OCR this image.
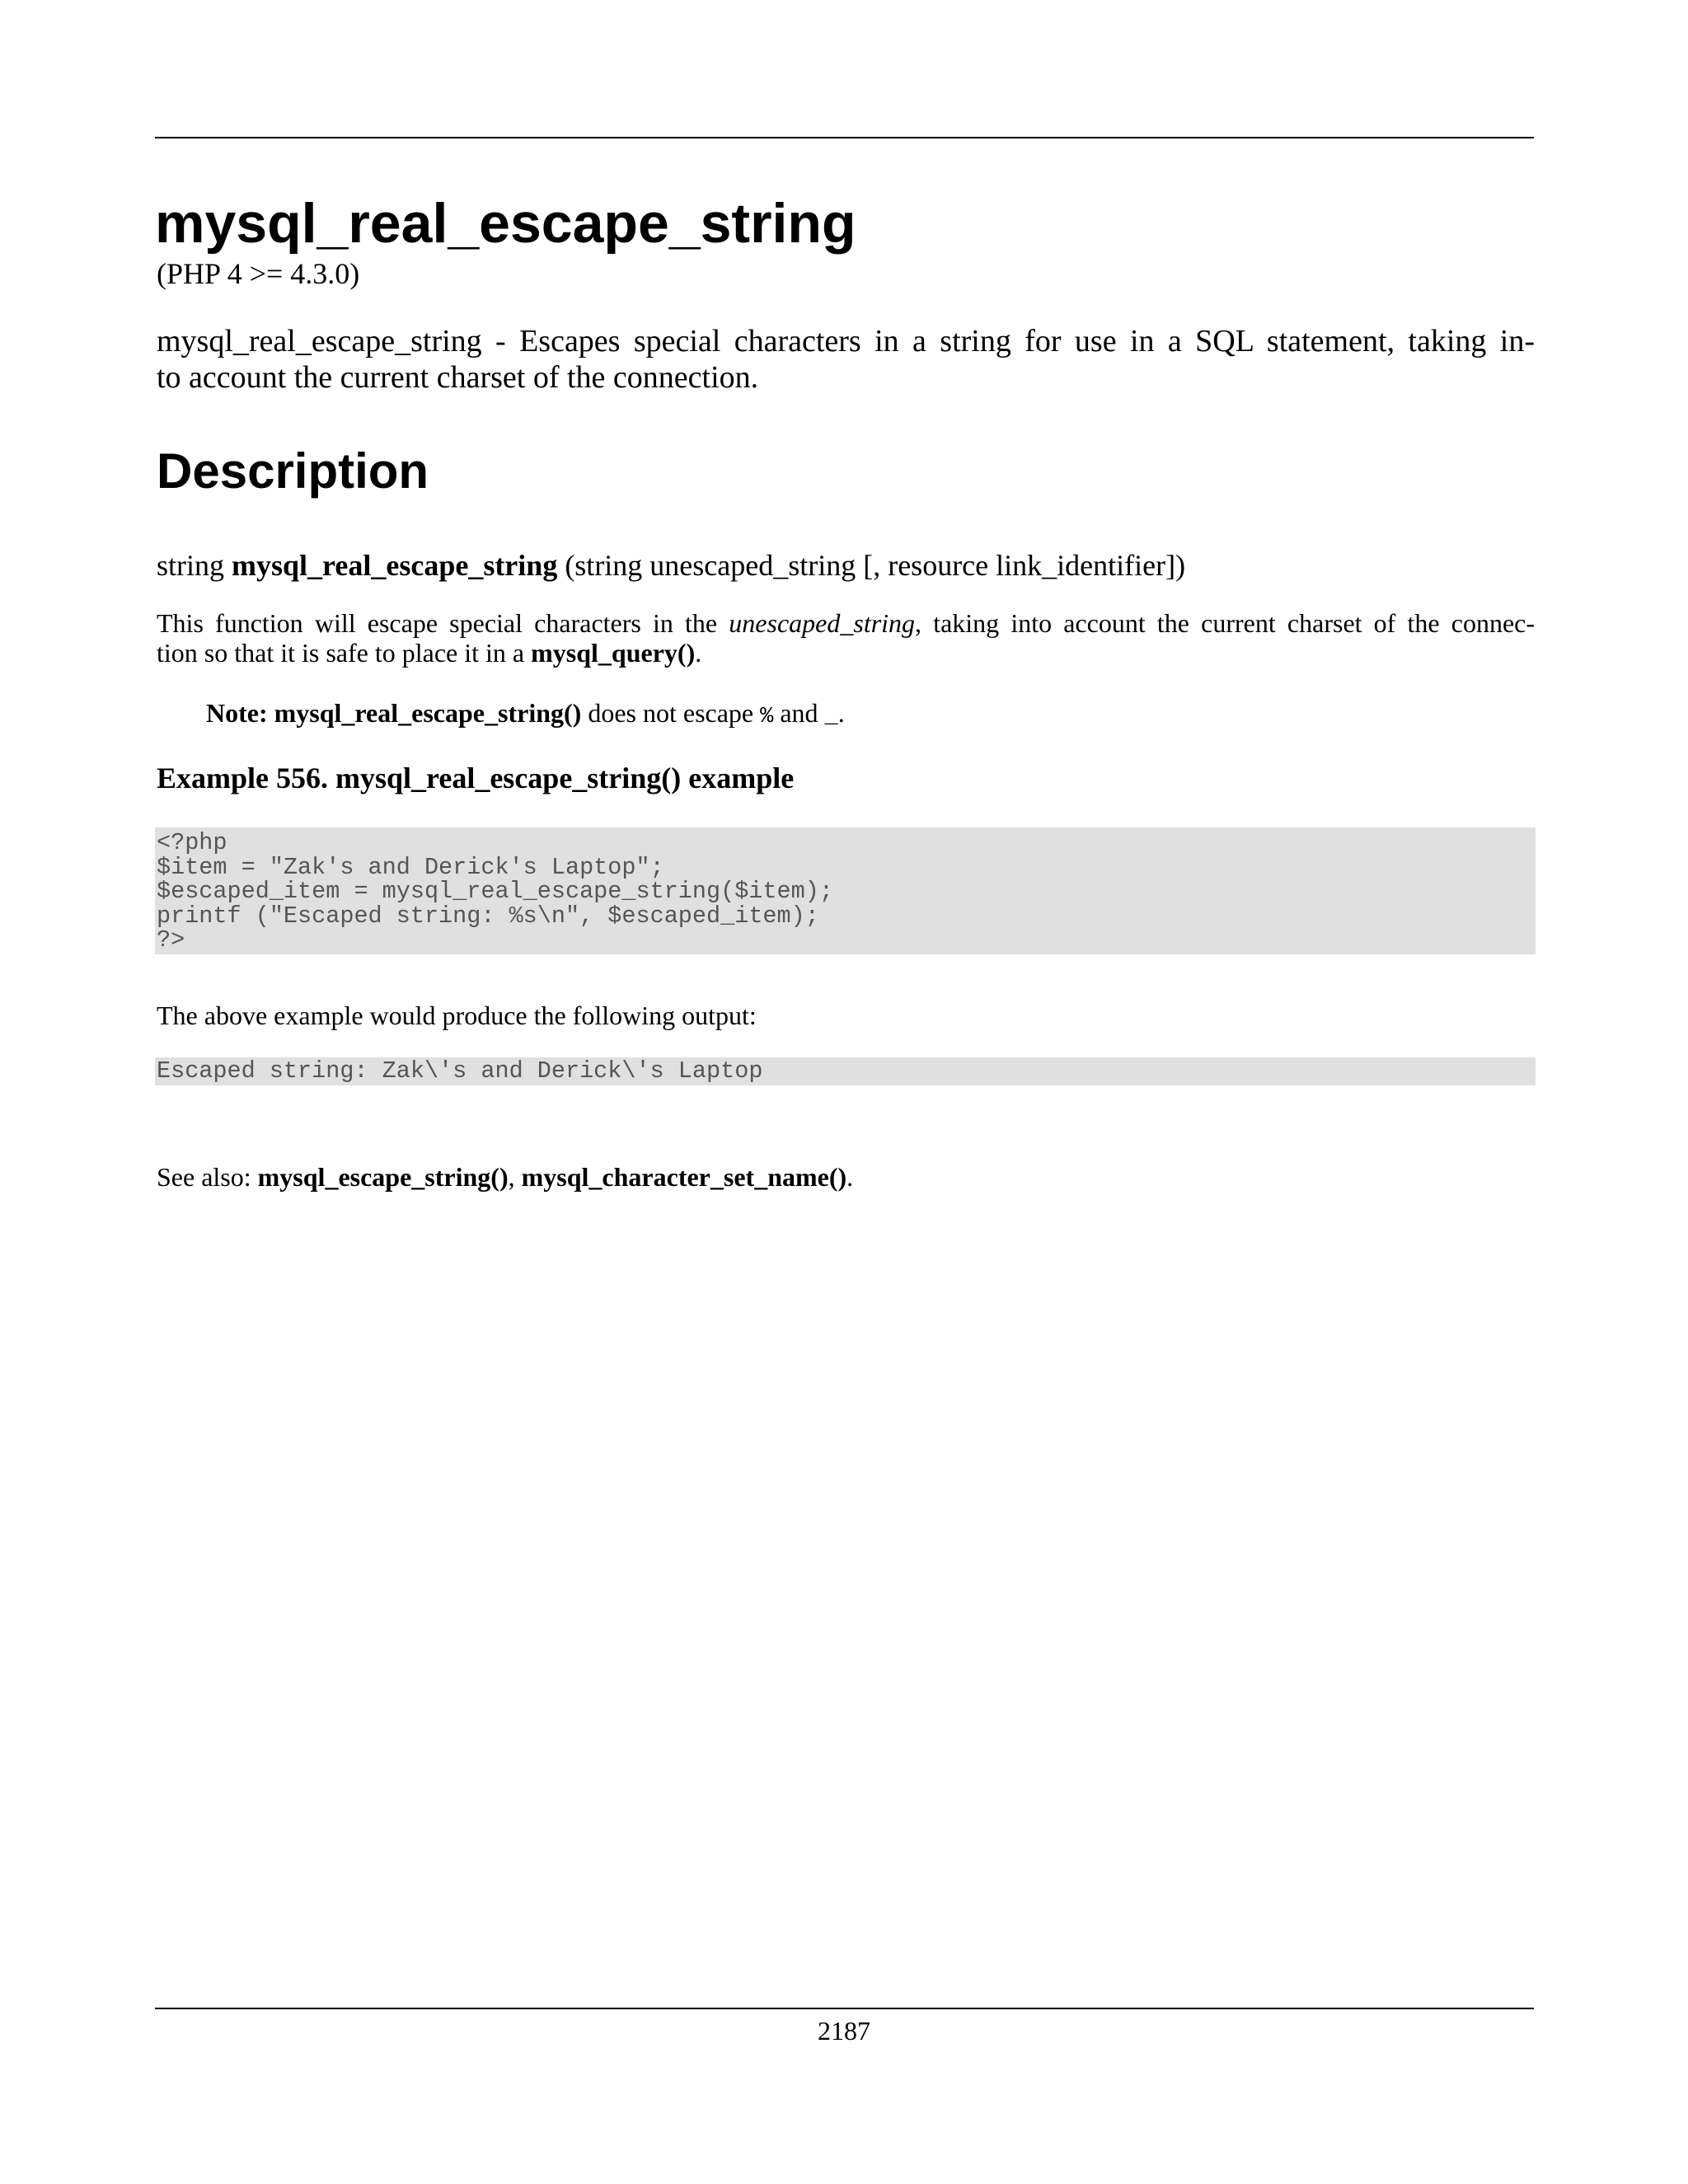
mysql_real_escape_string
(PHP 4 >= 4.3.0)
mysql_real_escape_string - Escapes special characters in a string for use in a SQL statement, taking in-
to account the current charset of the connection.
Description
string mysql_real_escape_string (string unescaped_string [, resource link_identifier])
This function will escape special characters in the unescaped_string, taking into account the current charset of the connec-
tion so that it is safe to place it in a mysql_query().
Note: mysql_real_escape_string() does not escape % and _.
Example 556. mysql_real_escape_string() example
<?php
$item = "Zak's and Derick's Laptop";
$escaped_item = mysql_real_escape_string($item);
printf ("Escaped string: %s\n", $escaped_item);
?>
The above example would produce the following output:
Escaped string: Zak\'s and Derick\'s Laptop
See also: mysql_escape_string(), mysql_character_set_name().
2187
